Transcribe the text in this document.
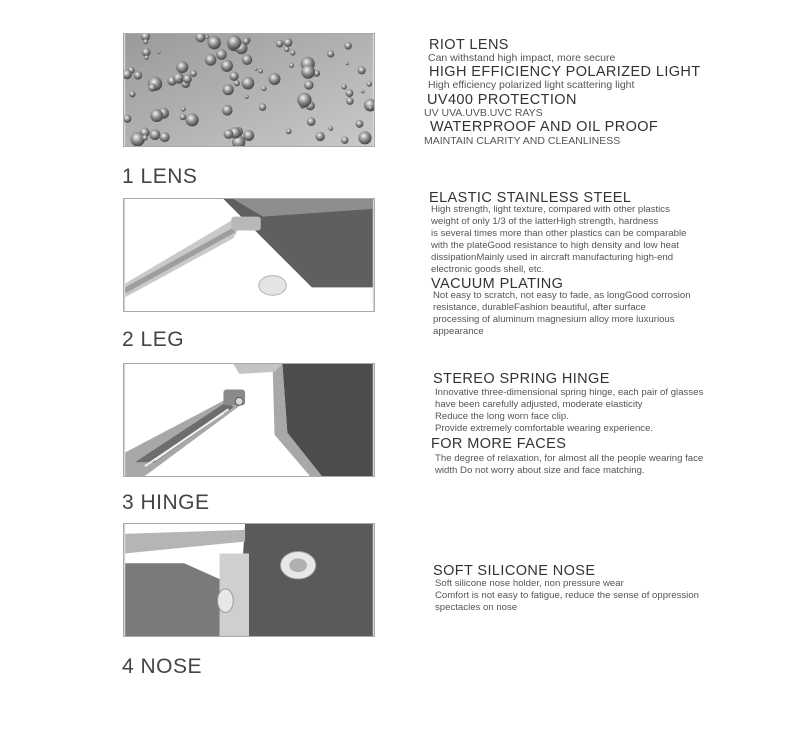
1 LENS
RIOT LENS
Can withstand high impact, more secure
HIGH EFFICIENCY POLARIZED LIGHT
High efficiency polarized light scattering light
UV400 PROTECTION
UV UVA.UVB.UVC RAYS
WATERPROOF AND OIL PROOF
MAINTAIN CLARITY AND CLEANLINESS
2 LEG
ELASTIC STAINLESS STEEL
High strength, light texture, compared with other plastics
weight of only 1/3 of the latterHigh strength, hardness
is several times more than other plastics can be comparable
with the plateGood resistance to high density and low heat
dissipationMainly used in aircraft manufacturing high-end
electronic goods shell, etc.
VACUUM PLATING
Not easy to scratch, not easy to fade, as longGood corrosion
resistance, durableFashion beautiful, after surface
processing of aluminum magnesium alloy more luxurious
appearance
3 HINGE
STEREO SPRING HINGE
Innovative three-dimensional spring hinge, each pair of glasses
have been carefully adjusted, moderate elasticity
Reduce the long worn face clip.
Provide extremely comfortable wearing experience.
FOR MORE FACES
The degree of relaxation, for almost all the people wearing face
width Do not worry about size and face matching.
4 NOSE
SOFT SILICONE NOSE
Soft silicone nose holder, non pressure wear
Comfort is not easy to fatigue, reduce the sense of oppression
spectacles on nose
